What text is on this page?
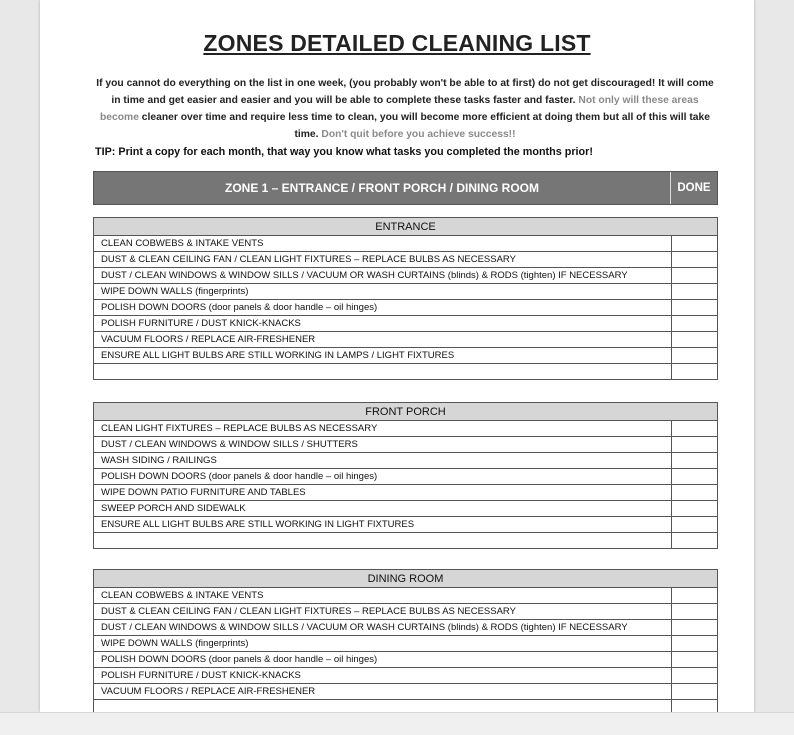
ZONES DETAILED CLEANING LIST
If you cannot do everything on the list in one week, (you probably won't be able to at first) do not get discouraged! It will come in time and get easier and easier and you will be able to complete these tasks faster and faster. Not only will these areas become cleaner over time and require less time to clean, you will become more efficient at doing them but all of this will take time. Don't quit before you achieve success!!
TIP: Print a copy for each month, that way you know what tasks you completed the months prior!
ZONE 1 – ENTRANCE / FRONT PORCH / DINING ROOM	DONE
ENTRANCE	
CLEAN COBWEBS & INTAKE VENTS	
DUST & CLEAN CEILING FAN / CLEAN LIGHT FIXTURES – REPLACE BULBS AS NECESSARY	
DUST / CLEAN WINDOWS & WINDOW SILLS / VACUUM OR WASH CURTAINS (blinds) & RODS (tighten) IF NECESSARY	
WIPE DOWN WALLS (fingerprints)	
POLISH DOWN DOORS (door panels & door handle – oil hinges)	
POLISH FURNITURE / DUST KNICK-KNACKS	
VACUUM FLOORS / REPLACE AIR-FRESHENER	
ENSURE ALL LIGHT BULBS ARE STILL WORKING IN LAMPS / LIGHT FIXTURES	

FRONT PORCH	
CLEAN LIGHT FIXTURES – REPLACE BULBS AS NECESSARY	
DUST / CLEAN WINDOWS & WINDOW SILLS / SHUTTERS	
WASH SIDING / RAILINGS	
POLISH DOWN DOORS (door panels & door handle – oil hinges)	
WIPE DOWN PATIO FURNITURE AND TABLES	
SWEEP PORCH AND SIDEWALK	
ENSURE ALL LIGHT BULBS ARE STILL WORKING IN LIGHT FIXTURES	

DINING ROOM	
CLEAN COBWEBS & INTAKE VENTS	
DUST & CLEAN CEILING FAN / CLEAN LIGHT FIXTURES – REPLACE BULBS AS NECESSARY	
DUST / CLEAN WINDOWS & WINDOW SILLS / VACUUM OR WASH CURTAINS (blinds) & RODS (tighten) IF NECESSARY	
WIPE DOWN WALLS (fingerprints)	
POLISH DOWN DOORS (door panels & door handle – oil hinges)	
POLISH FURNITURE / DUST KNICK-KNACKS	
VACUUM FLOORS / REPLACE AIR-FRESHENER	
